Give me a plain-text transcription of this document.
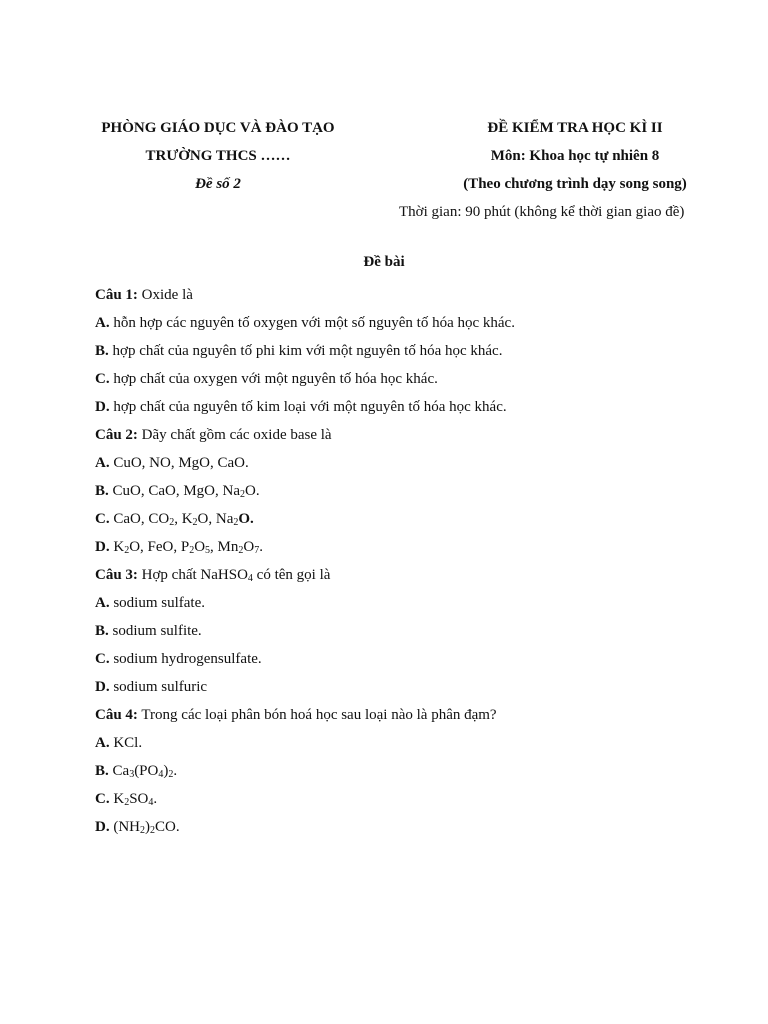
PHÒNG GIÁO DỤC VÀ ĐÀO TẠO
TRƯỜNG THCS ……
Đề số 2
ĐỀ KIỂM TRA HỌC KÌ II
Môn: Khoa học tự nhiên 8
(Theo chương trình dạy song song)
Thời gian: 90 phút (không kể thời gian giao đề)
Đề bài
Câu 1: Oxide là
A. hỗn hợp các nguyên tố oxygen với một số nguyên tố hóa học khác.
B. hợp chất của nguyên tố phi kim với một nguyên tố hóa học khác.
C. hợp chất của oxygen với một nguyên tố hóa học khác.
D. hợp chất của nguyên tố kim loại với một nguyên tố hóa học khác.
Câu 2: Dãy chất gồm các oxide base là
A. CuO, NO, MgO, CaO.
B. CuO, CaO, MgO, $Na_2O$.
C. CaO, $CO_2$, $K_2O$, $Na_2O$.
D. $K_2O$, FeO, $P_2O_5$, $Mn_2O_7$.
Câu 3: Hợp chất NaHSO$_4$ có tên gọi là
A. sodium sulfate.
B. sodium sulfite.
C. sodium hydrogensulfate.
D. sodium sulfuric
Câu 4: Trong các loại phân bón hoá học sau loại nào là phân đạm?
A. KCl.
B. $Ca_3(PO_4)_2$.
C. $K_2SO_4$.
D. $(NH_2)_2CO$.
